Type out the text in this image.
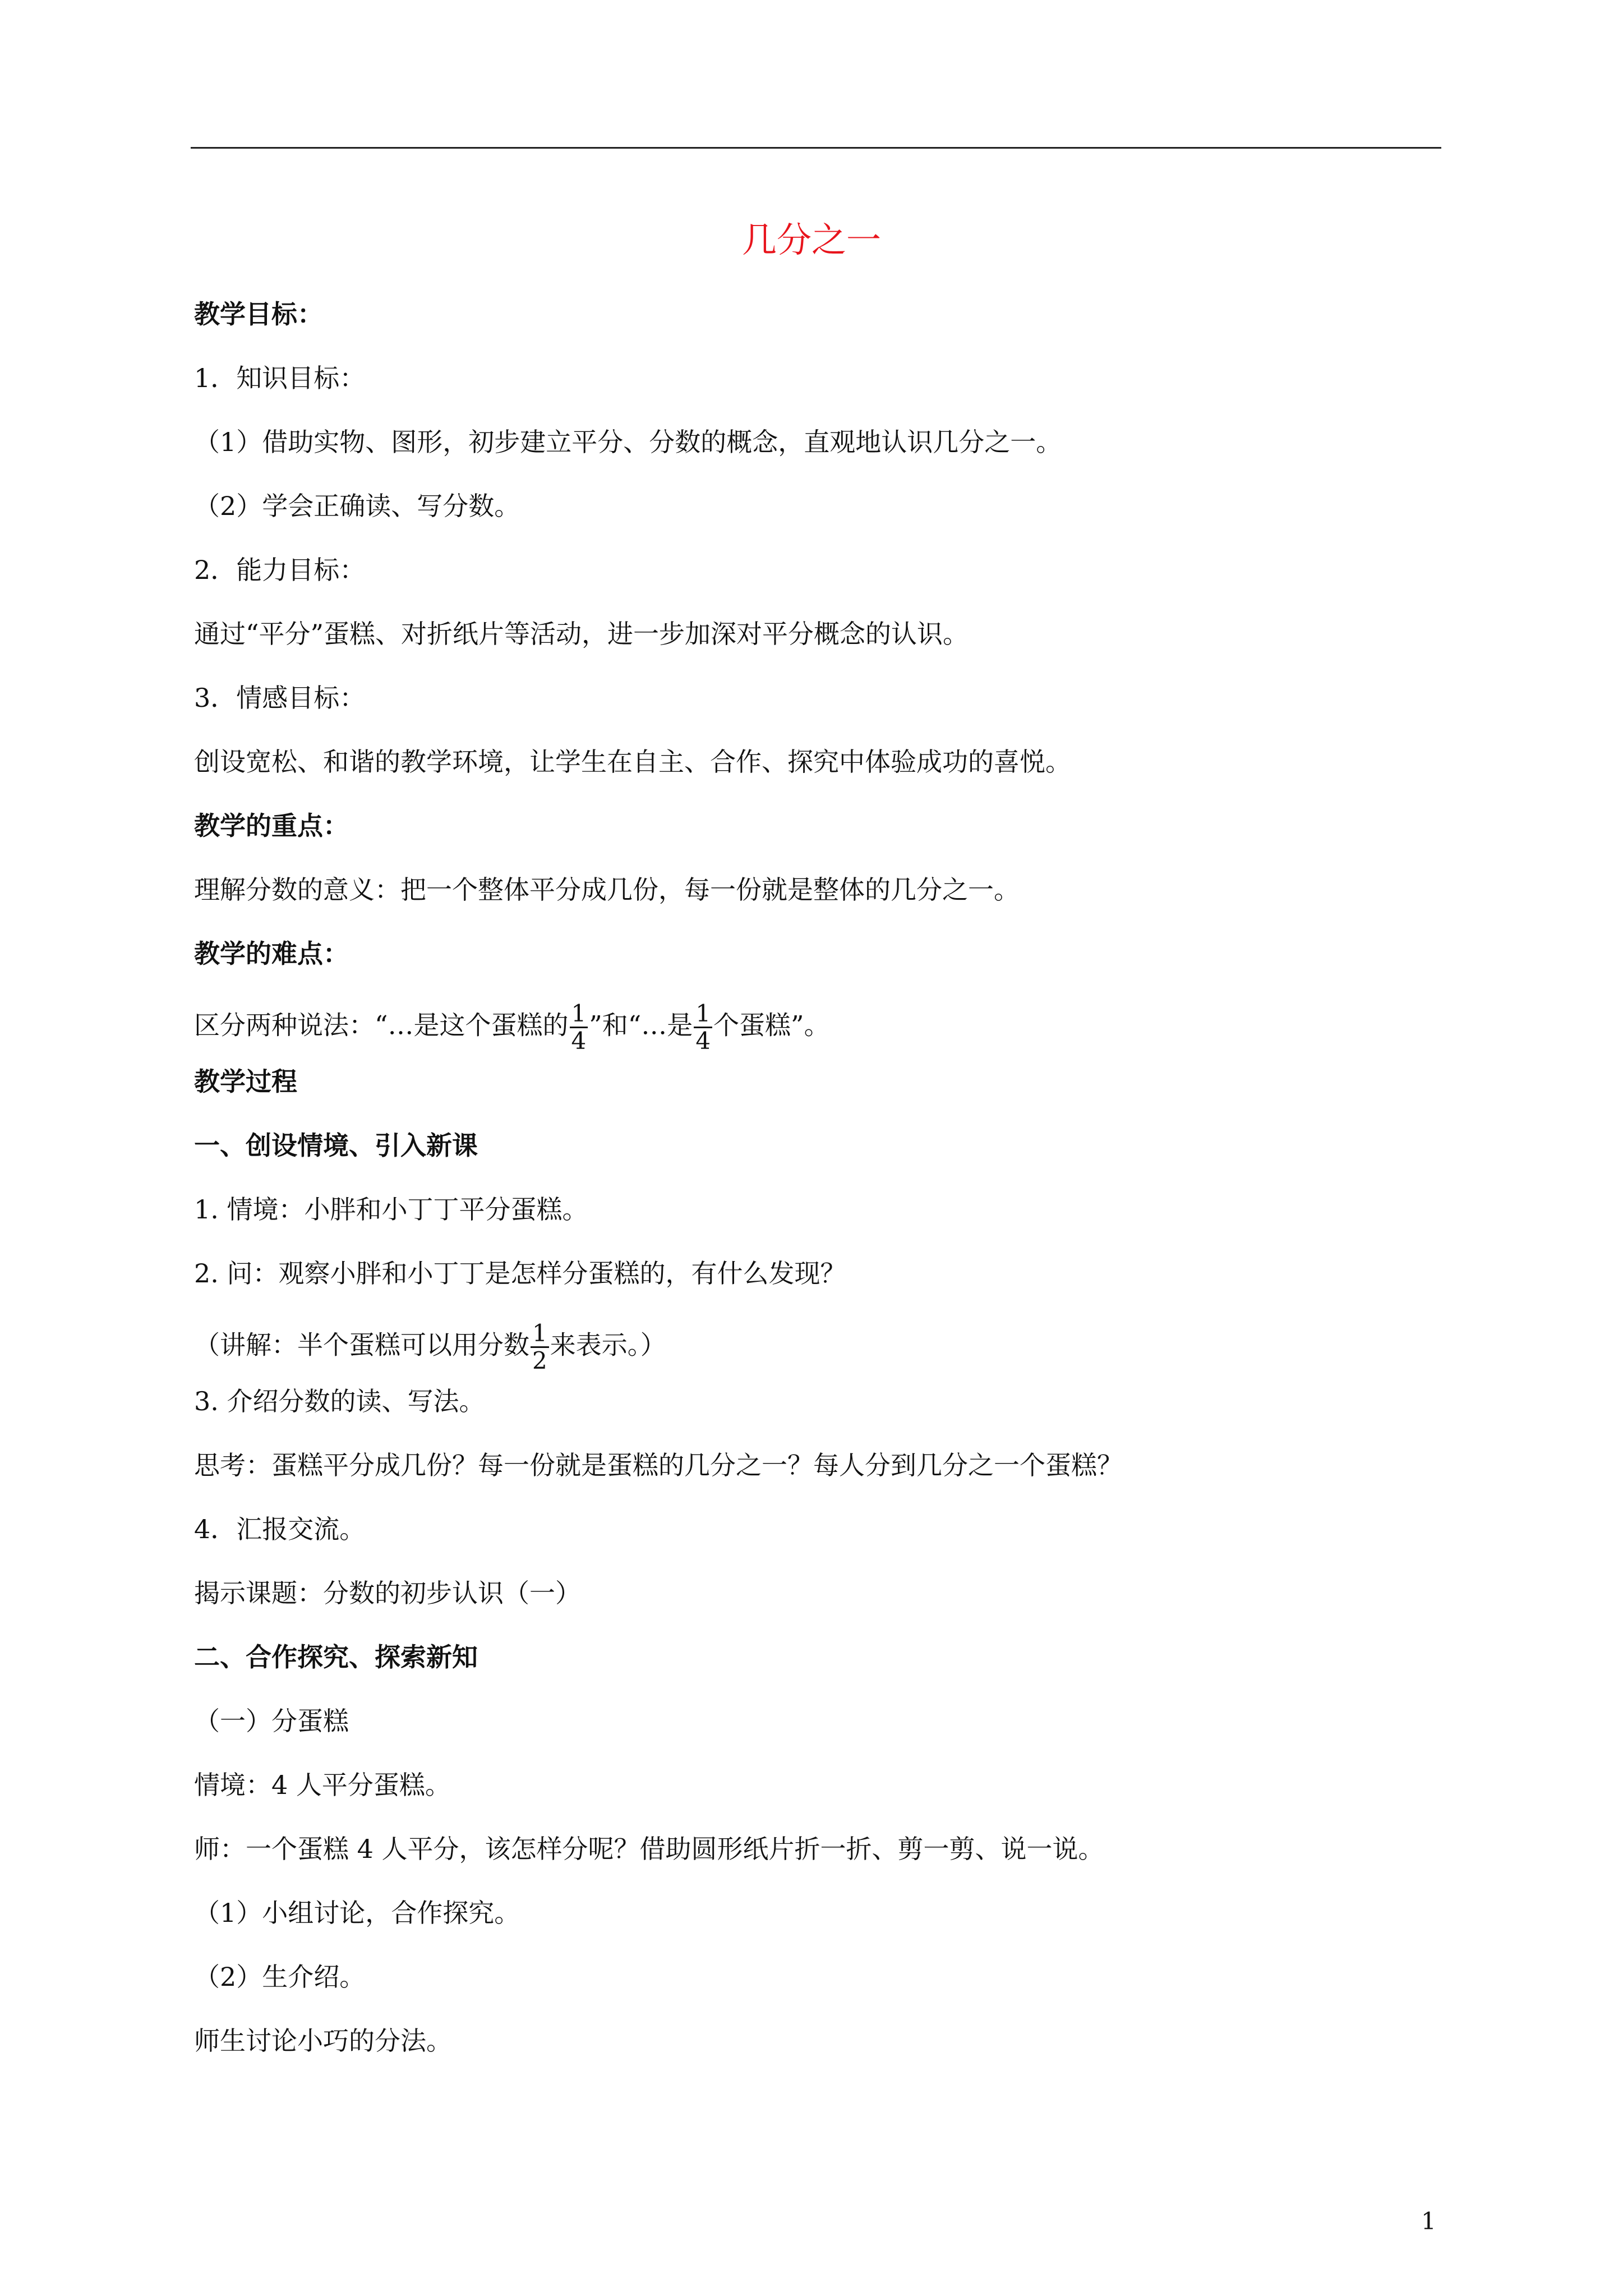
几分之一
教学目标：
1．知识目标：
（1）借助实物、图形，初步建立平分、分数的概念，直观地认识几分之一。
（2）学会正确读、写分数。
2．能力目标：
通过“平分”蛋糕、对折纸片等活动，进一步加深对平分概念的认识。
3．情感目标：
创设宽松、和谐的教学环境，让学生在自主、合作、探究中体验成功的喜悦。
教学的重点：
理解分数的意义：把一个整体平分成几份，每一份就是整体的几分之一。
教学的难点：
区分两种说法：“…是这个蛋糕的 $\frac{1}{4}$ ”和“…是 $\frac{1}{4}$ 个蛋糕”。
教学过程
一、创设情境、引入新课
1. 情境：小胖和小丁丁平分蛋糕。
2. 问：观察小胖和小丁丁是怎样分蛋糕的，有什么发现？
（讲解：半个蛋糕可以用分数 $\frac{1}{2}$ 来表示。）
3. 介绍分数的读、写法。
思考：蛋糕平分成几份？每一份就是蛋糕的几分之一？每人分到几分之一个蛋糕？
4．汇报交流。
揭示课题：分数的初步认识（一）
二、合作探究、探索新知
（一）分蛋糕
情境：4 人平分蛋糕。
师：一个蛋糕 4 人平分，该怎样分呢？借助圆形纸片折一折、剪一剪、说一说。
（1）小组讨论，合作探究。
（2）生介绍。
师生讨论小巧的分法。
1
